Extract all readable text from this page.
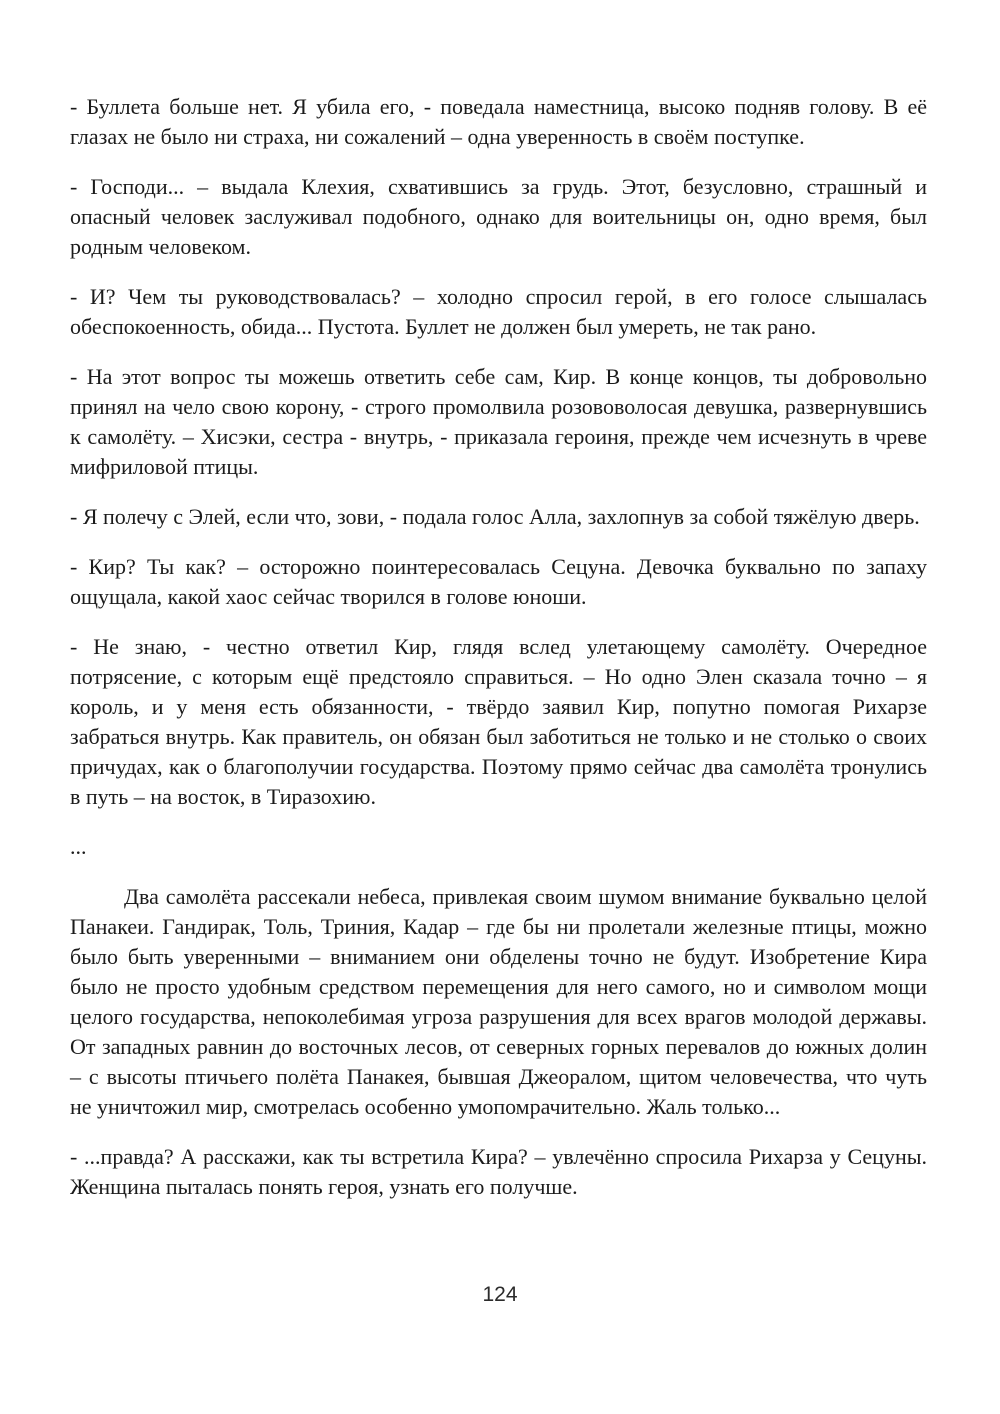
- Буллета больше нет. Я убила его, - поведала наместница, высоко подняв голову. В её глазах не было ни страха, ни сожалений – одна уверенность в своём поступке.

- Господи... – выдала Клехия, схватившись за грудь. Этот, безусловно, страшный и опасный человек заслуживал подобного, однако для воительницы он, одно время, был родным человеком.

- И? Чем ты руководствовалась? – холодно спросил герой, в его голосе слышалась обеспокоенность, обида... Пустота. Буллет не должен был умереть, не так рано.

- На этот вопрос ты можешь ответить себе сам, Кир. В конце концов, ты добровольно принял на чело свою корону, - строго промолвила розововолосая девушка, развернувшись к самолёту. – Хисэки, сестра - внутрь, - приказала героиня, прежде чем исчезнуть в чреве мифриловой птицы.

- Я полечу с Элей, если что, зови, - подала голос Алла, захлопнув за собой тяжёлую дверь.

- Кир? Ты как? – осторожно поинтересовалась Сецуна. Девочка буквально по запаху ощущала, какой хаос сейчас творился в голове юноши.

- Не знаю, - честно ответил Кир, глядя вслед улетающему самолёту. Очередное потрясение, с которым ещё предстояло справиться. – Но одно Элен сказала точно – я король, и у меня есть обязанности, - твёрдо заявил Кир, попутно помогая Рихарзе забраться внутрь. Как правитель, он обязан был заботиться не только и не столько о своих причудах, как о благополучии государства. Поэтому прямо сейчас два самолёта тронулись в путь – на восток, в Тиразохию.

...

Два самолёта рассекали небеса, привлекая своим шумом внимание буквально целой Панакеи. Гандирак, Толь, Триния, Кадар – где бы ни пролетали железные птицы, можно было быть уверенными – вниманием они обделены точно не будут. Изобретение Кира было не просто удобным средством перемещения для него самого, но и символом мощи целого государства, непоколебимая угроза разрушения для всех врагов молодой державы. От западных равнин до восточных лесов, от северных горных перевалов до южных долин – с высоты птичьего полёта Панакея, бывшая Джеоралом, щитом человечества, что чуть не уничтожил мир, смотрелась особенно умопомрачительно. Жаль только...

- ...правда? А расскажи, как ты встретила Кира? – увлечённо спросила Рихарза у Сецуны. Женщина пыталась понять героя, узнать его получше.

124
